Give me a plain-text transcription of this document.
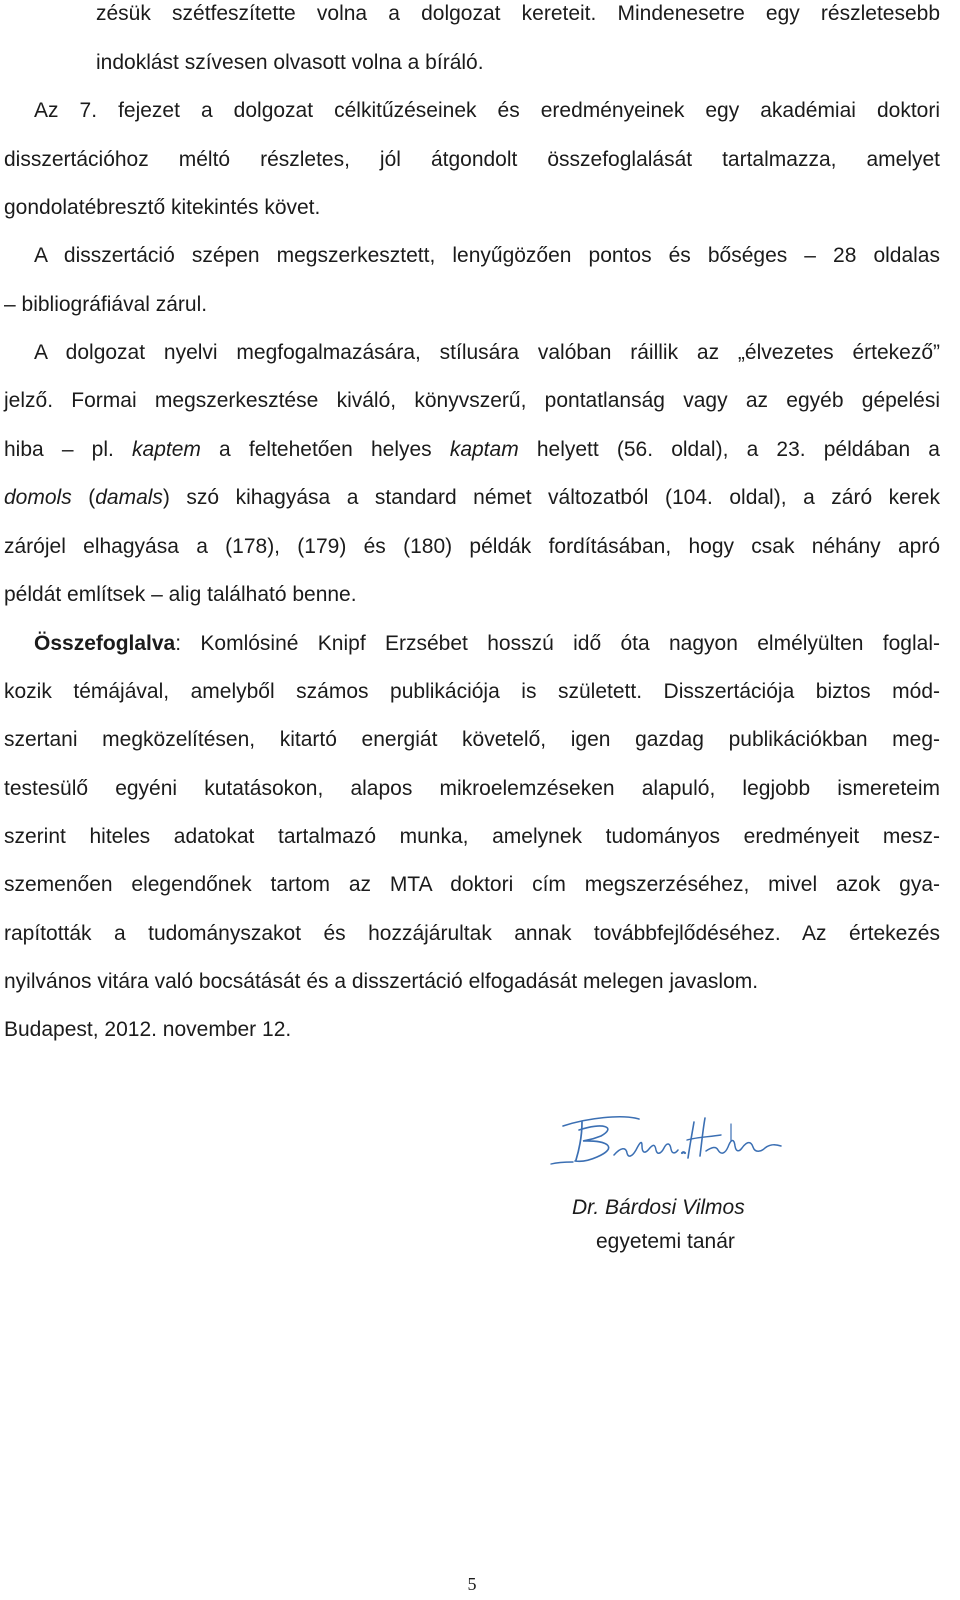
zésük szétfeszítette volna a dolgozat kereteit. Mindenesetre egy részletesebb
indoklást szívesen olvasott volna a bíráló.
Az 7. fejezet a dolgozat célkitűzéseinek és eredményeinek egy akadémiai doktori
disszertációhoz méltó részletes, jól átgondolt összefoglalását tartalmazza, amelyet
gondolatébresztő kitekintés követ.
A disszertáció szépen megszerkesztett, lenyűgözően pontos és bőséges – 28 oldalas
– bibliográfiával zárul.
A dolgozat nyelvi megfogalmazására, stílusára valóban ráillik az „élvezetes értekező”
jelző. Formai megszerkesztése kiváló, könyvszerű, pontatlanság vagy az egyéb gépelési
hiba – pl. kaptem a feltehetően helyes kaptam helyett (56. oldal), a 23. példában a
domols (damals) szó kihagyása a standard német változatból (104. oldal), a záró kerek
zárójel elhagyása a (178), (179) és (180) példák fordításában, hogy csak néhány apró
példát említsek – alig található benne.
Összefoglalva: Komlósiné Knipf Erzsébet hosszú idő óta nagyon elmélyülten foglal-
kozik témájával, amelyből számos publikációja is született. Disszertációja biztos mód-
szertani megközelítésen, kitartó energiát követelő, igen gazdag publikációkban meg-
testesülő egyéni kutatásokon, alapos mikroelemzéseken alapuló, legjobb ismereteim
szerint hiteles adatokat tartalmazó munka, amelynek tudományos eredményeit mesz-
szemenően elegendőnek tartom az MTA doktori cím megszerzéséhez, mivel azok gya-
rapították a tudományszakot és hozzájárultak annak továbbfejlődéséhez. Az értekezés
nyilvános vitára való bocsátását és a disszertáció elfogadását melegen javaslom.
Budapest, 2012. november 12.
Dr. Bárdosi Vilmos
egyetemi tanár
5
